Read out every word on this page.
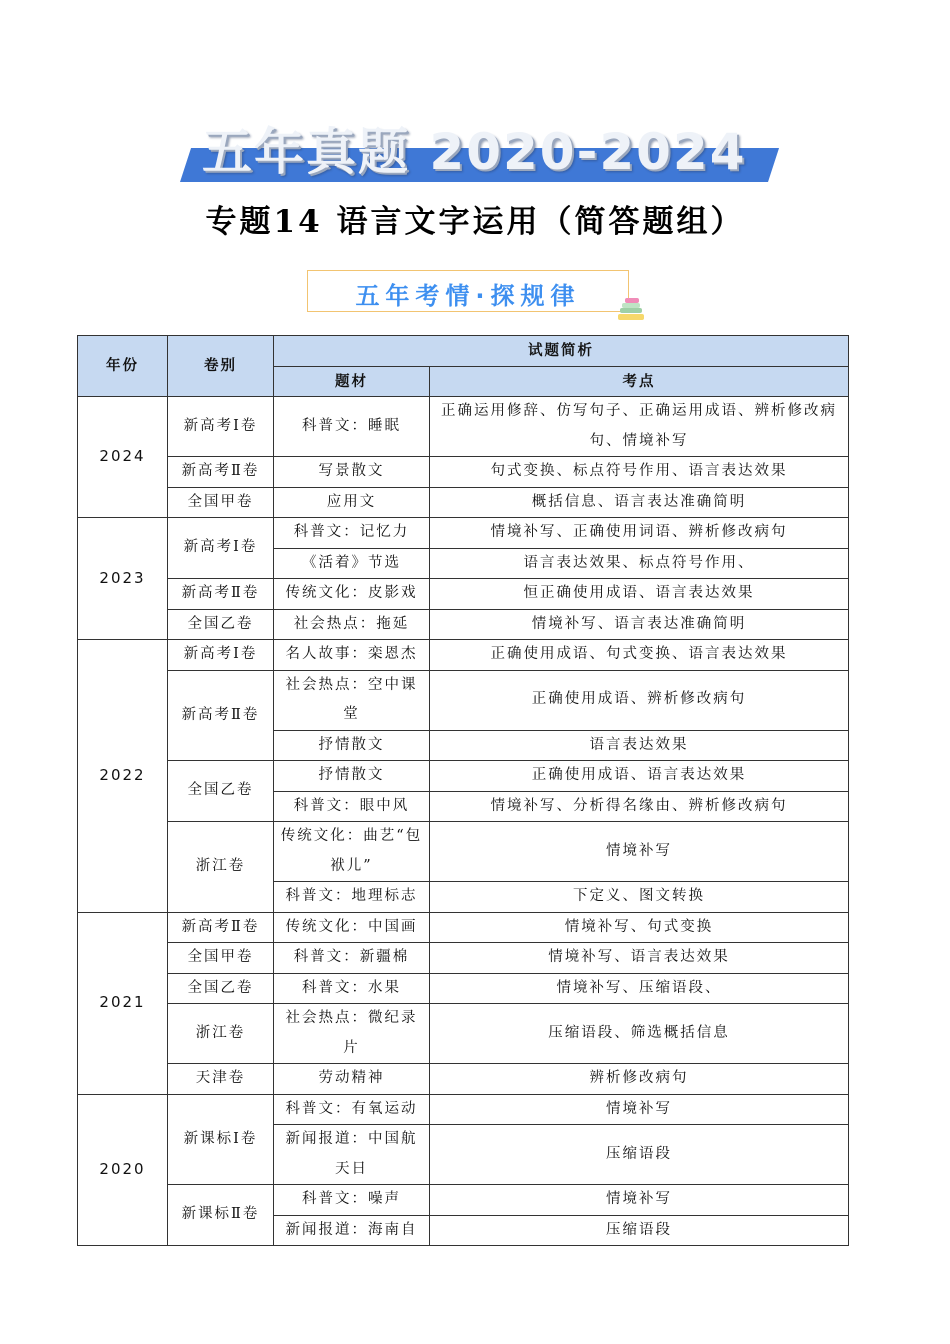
五年真题 2020-2024
专题14 语言文字运用（简答题组）
五年考情·探规律
年份	卷别	试题简析	
		题材	考点
2024	新高考Ⅰ卷	科普文：睡眠	正确运用修辞、仿写句子、正确运用成语、辨析修改病句、情境补写
	新高考Ⅱ卷	写景散文	句式变换、标点符号作用、语言表达效果
	全国甲卷	应用文	概括信息、语言表达准确简明
2023	新高考Ⅰ卷	科普文：记忆力	情境补写、正确使用词语、辨析修改病句
		《活着》节选	语言表达效果、标点符号作用、
	新高考Ⅱ卷	传统文化：皮影戏	恒正确使用成语、语言表达效果
	全国乙卷	社会热点：拖延	情境补写、语言表达准确简明
2022	新高考Ⅰ卷	名人故事：栾恩杰	正确使用成语、句式变换、语言表达效果
	新高考Ⅱ卷	社会热点：空中课堂	正确使用成语、辨析修改病句
		抒情散文	语言表达效果
	全国乙卷	抒情散文	正确使用成语、语言表达效果
		科普文：眼中风	情境补写、分析得名缘由、辨析修改病句
	浙江卷	传统文化：曲艺“包袱儿”	情境补写
		科普文：地理标志	下定义、图文转换
2021	新高考Ⅱ卷	传统文化：中国画	情境补写、句式变换
	全国甲卷	科普文：新疆棉	情境补写、语言表达效果
	全国乙卷	科普文：水果	情境补写、压缩语段、
	浙江卷	社会热点：微纪录片	压缩语段、筛选概括信息
	天津卷	劳动精神	辨析修改病句
2020	新课标Ⅰ卷	科普文：有氧运动	情境补写
		新闻报道：中国航天日	压缩语段
	新课标Ⅱ卷	科普文：噪声	情境补写
		新闻报道：海南自	压缩语段
